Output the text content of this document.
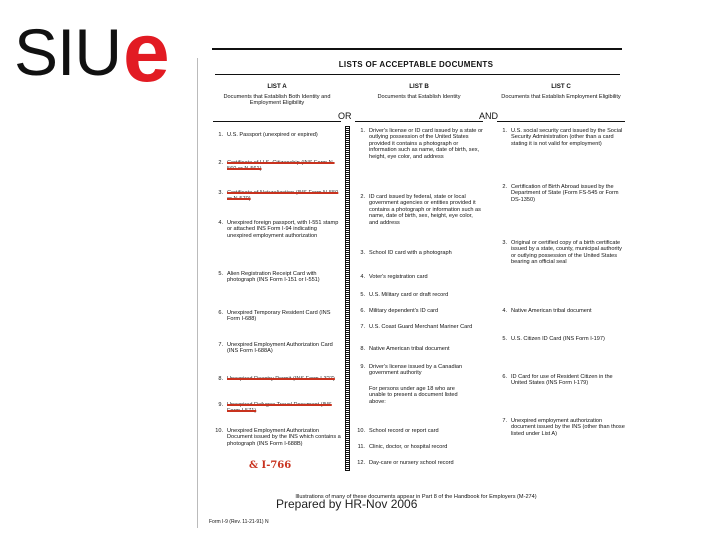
SIU e	LISTS OF ACCEPTABLE DOCUMENTS
OR	AND
LIST A
Documents that Establish Both Identity and Employment Eligibility
1. U.S. Passport (unexpired or expired)
2. Certificate of U.S. Citizenship (INS Form N-560 or N-561)
3. Certificate of Naturalization (INS Form N-550 or N-570)
4. Unexpired foreign passport, with I-551 stamp or attached INS Form I-94 indicating unexpired employment authorization
5. Alien Registration Receipt Card with photograph (INS Form I-151 or I-551)
6. Unexpired Temporary Resident Card (INS Form I-688)
7. Unexpired Employment Authorization Card (INS Form I-688A)
8. Unexpired Reentry Permit (INS Form I-327)
9. Unexpired Refugee Travel Document (INS Form I-571)
10. Unexpired Employment Authorization Document issued by the INS which contains a photograph (INS Form I-688B)
& I-766
LIST B
Documents that Establish Identity
1. Driver's license or ID card issued by a state or outlying possession of the United States provided it contains a photograph or information such as name, date of birth, sex, height, eye color, and address
2. ID card issued by federal, state or local government agencies or entities provided it contains a photograph or information such as name, date of birth, sex, height, eye color, and address
3. School ID card with a photograph
4. Voter's registration card
5. U.S. Military card or draft record
6. Military dependent's ID card
7. U.S. Coast Guard Merchant Mariner Card
8. Native American tribal document
9. Driver's license issued by a Canadian government authority
For persons under age 18 who are unable to present a document listed above:
10. School record or report card
11. Clinic, doctor, or hospital record
12. Day-care or nursery school record
LIST C
Documents that Establish Employment Eligibility
1. U.S. social security card issued by the Social Security Administration (other than a card stating it is not valid for employment)
2. Certification of Birth Abroad issued by the Department of State (Form FS-545 or Form DS-1350)
3. Original or certified copy of a birth certificate issued by a state, county, municipal authority or outlying possession of the United States bearing an official seal
4. Native American tribal document
5. U.S. Citizen ID Card (INS Form I-197)
6. ID Card for use of Resident Citizen in the United States (INS Form I-179)
7. Unexpired employment authorization document issued by the INS (other than those listed under List A)
Illustrations of many of these documents appear in Part 8 of the Handbook for Employers (M-274)
Form I-9 (Rev. 11-21-91) N
Prepared by HR-Nov 2006
